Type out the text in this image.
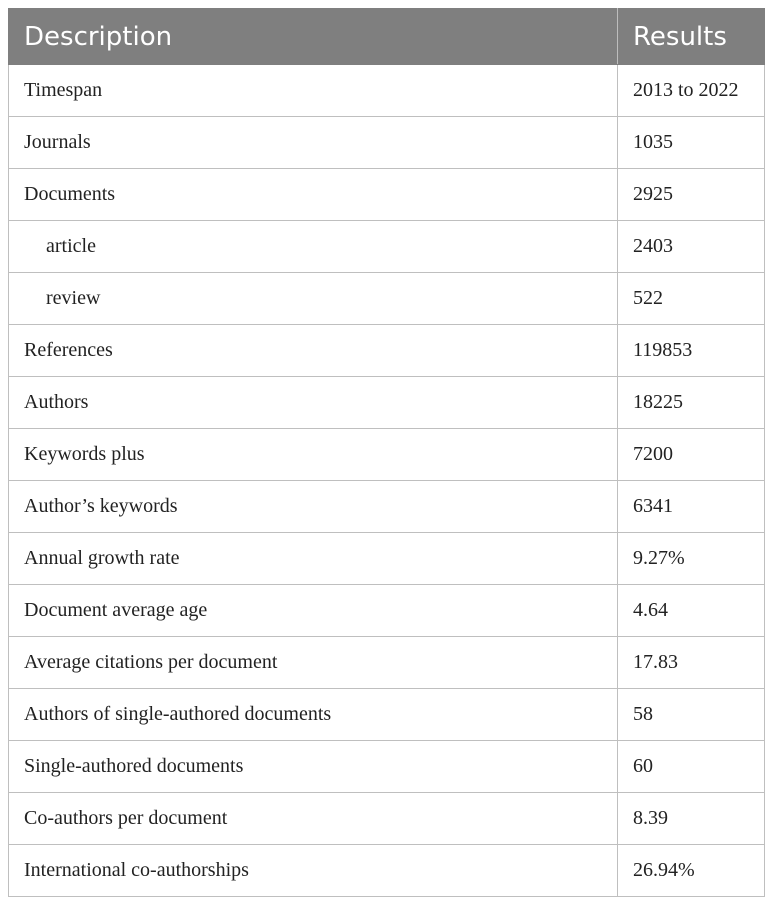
Description	Results
Timespan	2013 to 2022
Journals	1035
Documents	2925
article	2403
review	522
References	119853
Authors	18225
Keywords plus	7200
Author’s keywords	6341
Annual growth rate	9.27%
Document average age	4.64
Average citations per document	17.83
Authors of single-authored documents	58
Single-authored documents	60
Co-authors per document	8.39
International co-authorships	26.94%
